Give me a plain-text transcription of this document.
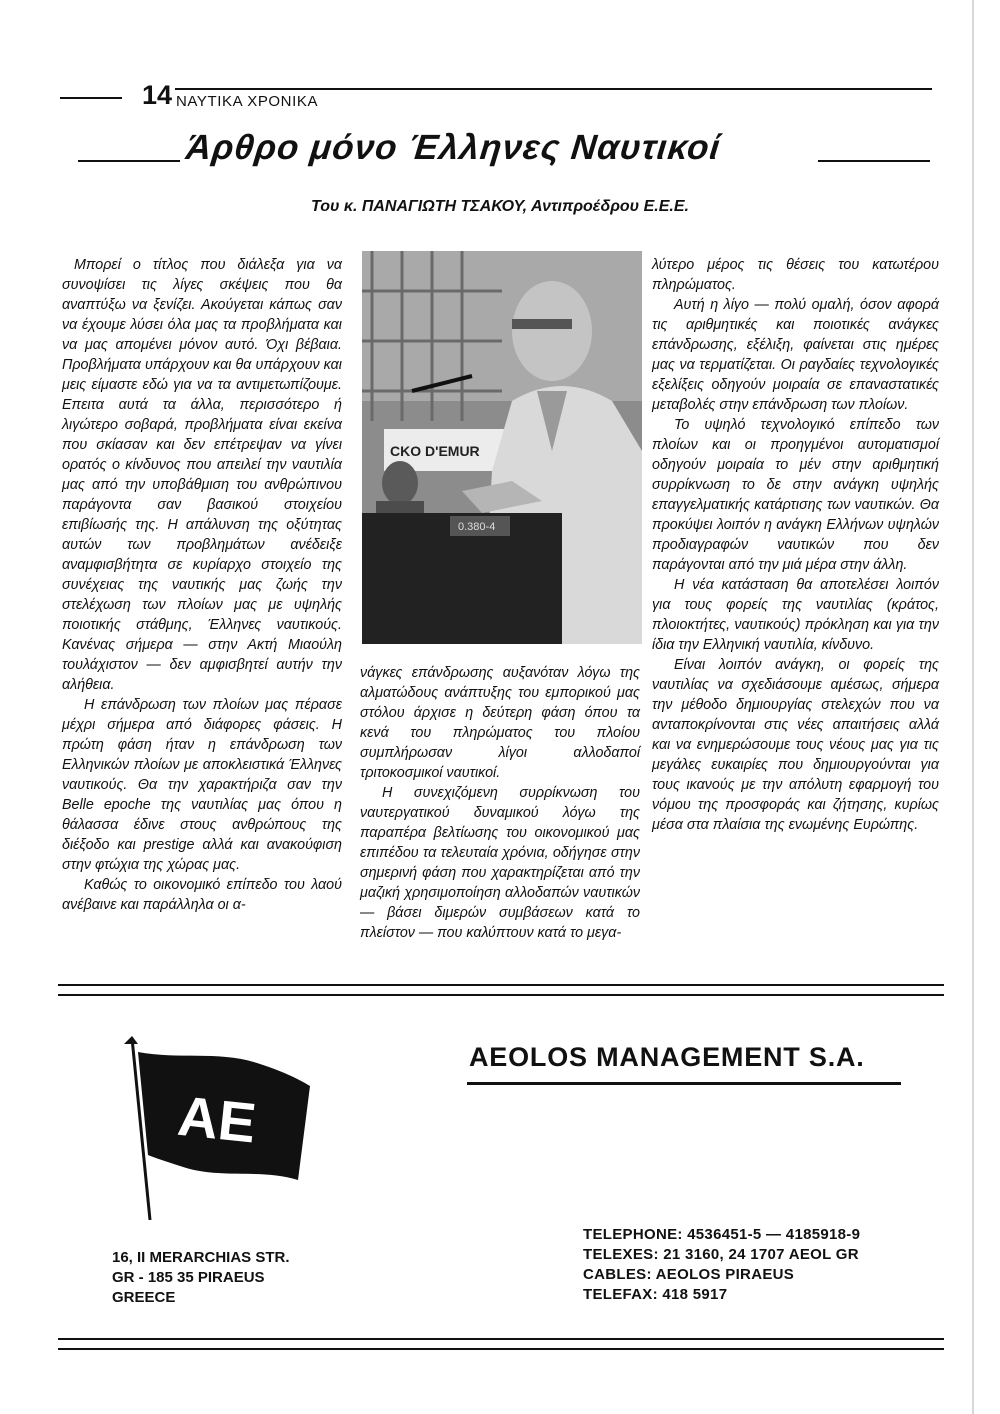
14 ΝΑΥΤΙΚΑ ΧΡΟΝΙΚΑ
Άρθρο μόνο Έλληνες Ναυτικοί
Του κ. ΠΑΝΑΓΙΩΤΗ ΤΣΑΚΟΥ, Αντιπροέδρου Ε.Ε.Ε.
CKO D'EMUR
0.380-4

Μπορεί ο τίτλος που διάλεξα για να συνοψίσει τις λίγες σκέψεις που θα αναπτύξω να ξενίζει. Ακούγεται κάπως σαν να έχουμε λύσει όλα μας τα προβλήματα και να μας απομένει μόνον αυτό. Όχι βέβαια. Προβλήματα υπάρχουν και θα υπάρχουν και μεις είμαστε εδώ για να τα αντιμετωπίζουμε. Επειτα αυτά τα άλλα, περισσότερο ή λιγώτερο σοβαρά, προβλήματα είναι εκείνα που σκίασαν και δεν επέτρεψαν να γίνει ορατός ο κίνδυνος που απειλεί την ναυτιλία μας από την υποβάθμιση του ανθρώπινου παράγοντα σαν βασικού στοιχείου επιβίωσής της. Η απάλυνση της οξύτητας αυτών των προβλημάτων ανέδειξε αναμφισβήτητα σε κυρίαρχο στοιχείο της συνέχειας της ναυτικής μας ζωής την στελέχωση των πλοίων μας με υψηλής ποιοτικής στάθμης, Έλληνες ναυτικούς. Κανένας σήμερα — στην Ακτή Μιαούλη τουλάχιστον — δεν αμφισβητεί αυτήν την αλήθεια.

Η επάνδρωση των πλοίων μας πέρασε μέχρι σήμερα από διάφορες φάσεις. Η πρώτη φάση ήταν η επάνδρωση των Ελληνικών πλοίων με αποκλειστικά Έλληνες ναυτικούς. Θα την χαρακτήριζα σαν την Belle epoche της ναυτιλίας μας όπου η θάλασσα έδινε στους ανθρώπους της διέξοδο και prestige αλλά και ανακούφιση στην φτώχια της χώρας μας.

Καθώς το οικονομικό επίπεδο του λαού ανέβαινε και παράλληλα οι α-

νάγκες επάνδρωσης αυξανόταν λόγω της αλματώδους ανάπτυξης του εμπορικού μας στόλου άρχισε η δεύτερη φάση όπου τα κενά του πληρώματος του πλοίου συμπλήρωσαν λίγοι αλλοδαποί τριτοκοσμικοί ναυτικοί.

Η συνεχιζόμενη συρρίκνωση του ναυτεργατικού δυναμικού λόγω της παραπέρα βελτίωσης του οικονομικού μας επιπέδου τα τελευταία χρόνια, οδήγησε στην σημερινή φάση που χαρακτηρίζεται από την μαζική χρησιμοποίηση αλλοδαπών ναυτικών — βάσει διμερών συμβάσεων κατά το πλείστον — που καλύπτουν κατά το μεγα-

λύτερο μέρος τις θέσεις του κατωτέρου πληρώματος.

Αυτή η λίγο — πολύ ομαλή, όσον αφορά τις αριθμητικές και ποιοτικές ανάγκες επάνδρωσης, εξέλιξη, φαίνεται στις ημέρες μας να τερματίζεται. Οι ραγδαίες τεχνολογικές εξελίξεις οδηγούν μοιραία σε επαναστατικές μεταβολές στην επάνδρωση των πλοίων.

Το υψηλό τεχνολογικό επίπεδο των πλοίων και οι προηγμένοι αυτοματισμοί οδηγούν μοιραία το μέν στην αριθμητική συρρίκνωση το δε στην ανάγκη υψηλής επαγγελματικής κατάρτισης των ναυτικών. Θα προκύψει λοιπόν η ανάγκη Ελλήνων υψηλών προδιαγραφών ναυτικών που δεν παράγονται από την μιά μέρα στην άλλη.

Η νέα κατάσταση θα αποτελέσει λοιπόν για τους φορείς της ναυτιλίας (κράτος, πλοιοκτήτες, ναυτικούς) πρόκληση και για την ίδια την Ελληνική ναυτιλία, κίνδυνο.

Είναι λοιπόν ανάγκη, οι φορείς της ναυτιλίας να σχεδιάσουμε αμέσως, σήμερα την μέθοδο δημιουργίας στελεχών που να ανταποκρίνονται στις νέες απαιτήσεις αλλά και να ενημερώσουμε τους νέους μας για τις μεγάλες ευκαιρίες που δημιουργούνται για τους ικανούς με την απόλυτη εφαρμογή του νόμου της προσφοράς και ζήτησης, κυρίως μέσα στα πλαίσια της ενωμένης Ευρώπης.

AE
AEOLOS MANAGEMENT S.A.
16, II MERARCHIAS STR.
GR - 185 35 PIRAEUS
GREECE
TELEPHONE: 4536451-5 — 4185918-9
TELEXES: 21 3160, 24 1707 AEOL GR
CABLES: AEOLOS PIRAEUS
TELEFAX: 418 5917
